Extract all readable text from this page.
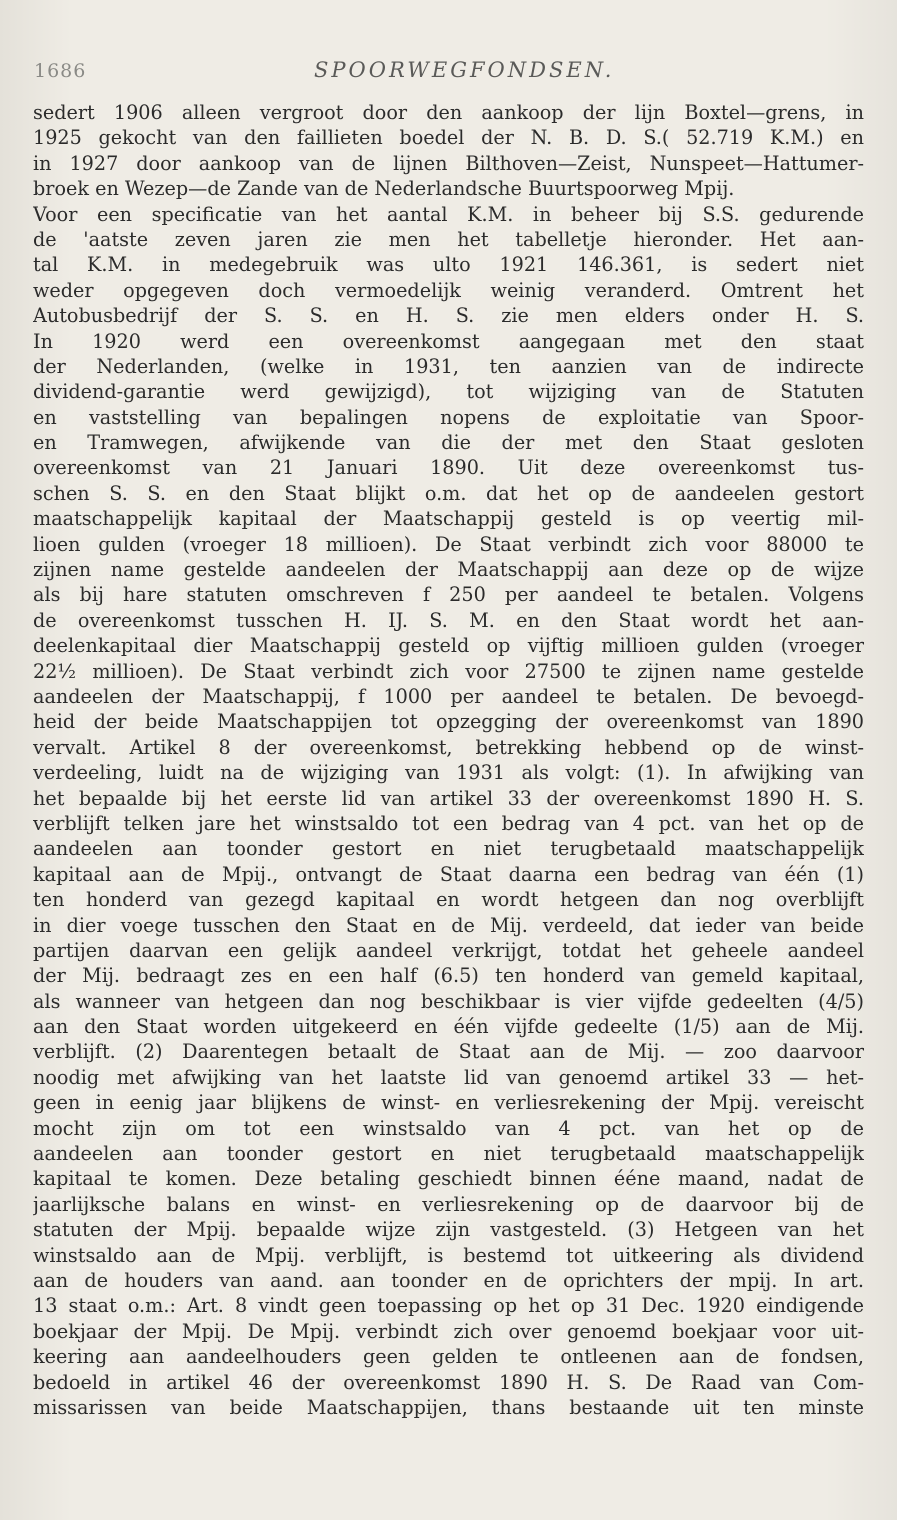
1686	SPOORWEGFONDSEN.
sedert 1906 alleen vergroot door den aankoop der lijn Boxtel—grens, in
1925 gekocht van den faillieten boedel der N. B. D. S.( 52.719 K.M.) en
in 1927 door aankoop van de lijnen Bilthoven—Zeist, Nunspeet—Hattumer-
broek en Wezep—de Zande van de Nederlandsche Buurtspoorweg Mpij.
Voor een specificatie van het aantal K.M. in beheer bij S.S. gedurende
de 'aatste zeven jaren zie men het tabelletje hieronder. Het aan-
tal K.M. in medegebruik was ulto 1921 146.361, is sedert niet
weder opgegeven doch vermoedelijk weinig veranderd. Omtrent het
Autobusbedrijf der S. S. en H. S. zie men elders onder H. S.
In 1920 werd een overeenkomst aangegaan met den staat
der Nederlanden, (welke in 1931, ten aanzien van de indirecte
dividend-garantie werd gewijzigd), tot wijziging van de Statuten
en vaststelling van bepalingen nopens de exploitatie van Spoor-
en Tramwegen, afwijkende van die der met den Staat gesloten
overeenkomst van 21 Januari 1890. Uit deze overeenkomst tus-
schen S. S. en den Staat blijkt o.m. dat het op de aandeelen gestort
maatschappelijk kapitaal der Maatschappij gesteld is op veertig mil-
lioen gulden (vroeger 18 millioen). De Staat verbindt zich voor 88000 te
zijnen name gestelde aandeelen der Maatschappij aan deze op de wijze
als bij hare statuten omschreven f 250 per aandeel te betalen. Volgens
de overeenkomst tusschen H. IJ. S. M. en den Staat wordt het aan-
deelenkapitaal dier Maatschappij gesteld op vijftig millioen gulden (vroeger
22½ millioen). De Staat verbindt zich voor 27500 te zijnen name gestelde
aandeelen der Maatschappij, f 1000 per aandeel te betalen. De bevoegd-
heid der beide Maatschappijen tot opzegging der overeenkomst van 1890
vervalt. Artikel 8 der overeenkomst, betrekking hebbend op de winst-
verdeeling, luidt na de wijziging van 1931 als volgt: (1). In afwijking van
het bepaalde bij het eerste lid van artikel 33 der overeenkomst 1890 H. S.
verblijft telken jare het winstsaldo tot een bedrag van 4 pct. van het op de
aandeelen aan toonder gestort en niet terugbetaald maatschappelijk
kapitaal aan de Mpij., ontvangt de Staat daarna een bedrag van één (1)
ten honderd van gezegd kapitaal en wordt hetgeen dan nog overblijft
in dier voege tusschen den Staat en de Mij. verdeeld, dat ieder van beide
partijen daarvan een gelijk aandeel verkrijgt, totdat het geheele aandeel
der Mij. bedraagt zes en een half (6.5) ten honderd van gemeld kapitaal,
als wanneer van hetgeen dan nog beschikbaar is vier vijfde gedeelten (4/5)
aan den Staat worden uitgekeerd en één vijfde gedeelte (1/5) aan de Mij.
verblijft. (2) Daarentegen betaalt de Staat aan de Mij. — zoo daarvoor
noodig met afwijking van het laatste lid van genoemd artikel 33 — het-
geen in eenig jaar blijkens de winst- en verliesrekening der Mpij. vereischt
mocht zijn om tot een winstsaldo van 4 pct. van het op de
aandeelen aan toonder gestort en niet terugbetaald maatschappelijk
kapitaal te komen. Deze betaling geschiedt binnen ééne maand, nadat de
jaarlijksche balans en winst- en verliesrekening op de daarvoor bij de
statuten der Mpij. bepaalde wijze zijn vastgesteld. (3) Hetgeen van het
winstsaldo aan de Mpij. verblijft, is bestemd tot uitkeering als dividend
aan de houders van aand. aan toonder en de oprichters der mpij. In art.
13 staat o.m.: Art. 8 vindt geen toepassing op het op 31 Dec. 1920 eindigende
boekjaar der Mpij. De Mpij. verbindt zich over genoemd boekjaar voor uit-
keering aan aandeelhouders geen gelden te ontleenen aan de fondsen,
bedoeld in artikel 46 der overeenkomst 1890 H. S. De Raad van Com-
missarissen van beide Maatschappijen, thans bestaande uit ten minste
